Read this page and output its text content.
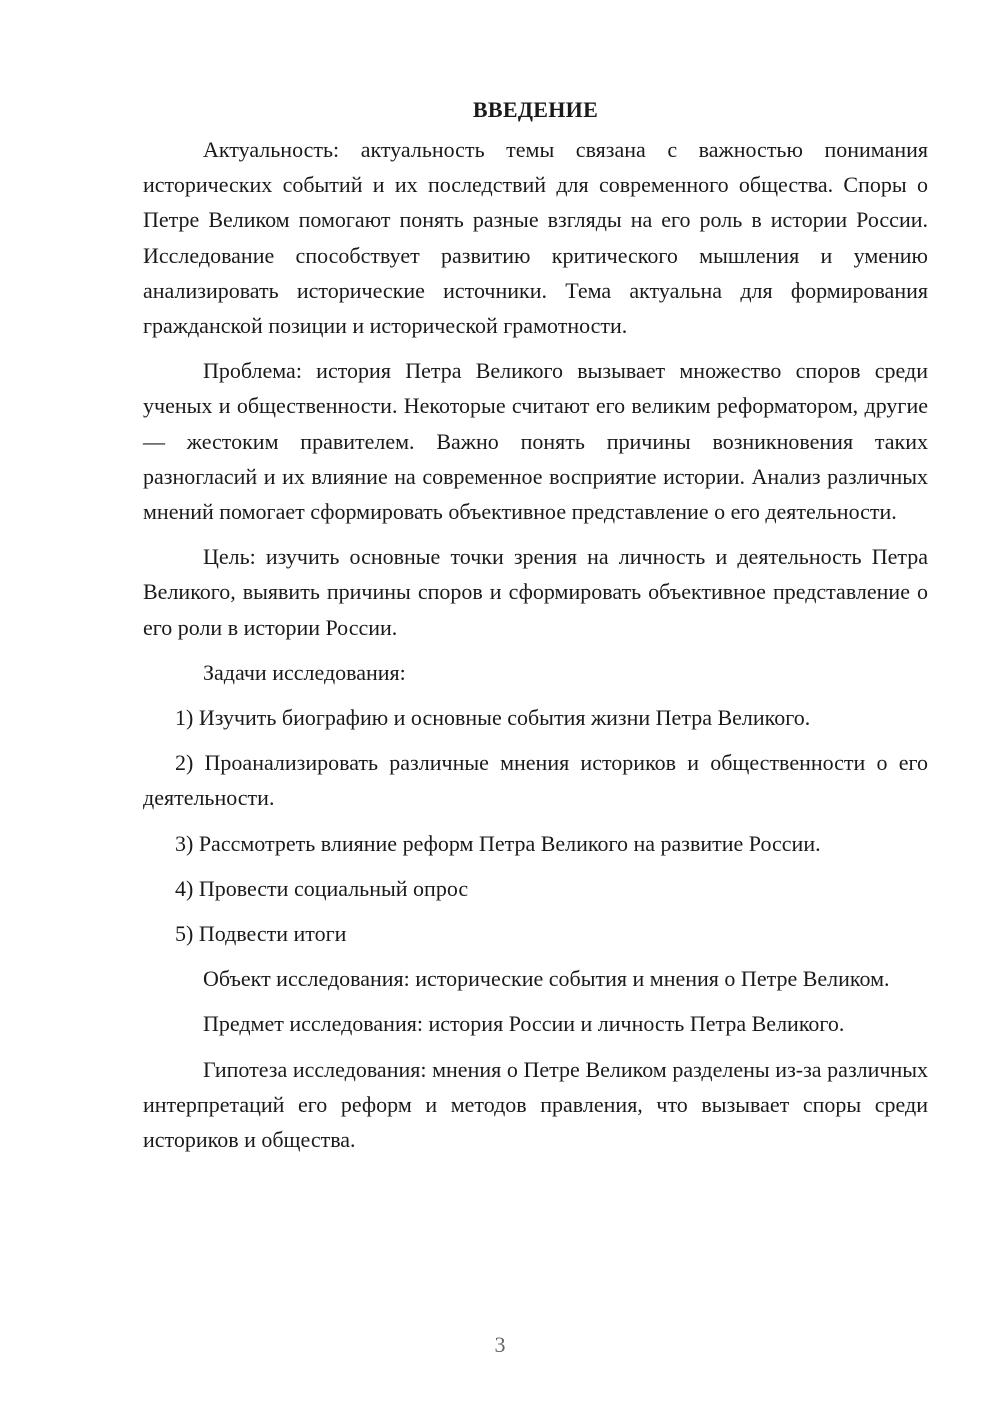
ВВЕДЕНИЕ

Актуальность: актуальность темы связана с важностью понимания исторических событий и их последствий для современного общества. Споры о Петре Великом помогают понять разные взгляды на его роль в истории России. Исследование способствует развитию критического мышления и умению анализировать исторические источники. Тема актуальна для формирования гражданской позиции и исторической грамотности.

Проблема: история Петра Великого вызывает множество споров среди ученых и общественности. Некоторые считают его великим реформатором, другие — жестоким правителем. Важно понять причины возникновения таких разногласий и их влияние на современное восприятие истории. Анализ различных мнений помогает сформировать объективное представление о его деятельности.

Цель: изучить основные точки зрения на личность и деятельность Петра Великого, выявить причины споров и сформировать объективное представление о его роли в истории России.

Задачи исследования:

1) Изучить биографию и основные события жизни Петра Великого.

2) Проанализировать различные мнения историков и общественности о его деятельности.

3) Рассмотреть влияние реформ Петра Великого на развитие России.

4) Провести социальный опрос

5) Подвести итоги

Объект исследования: исторические события и мнения о Петре Великом.

Предмет исследования: история России и личность Петра Великого.

Гипотеза исследования: мнения о Петре Великом разделены из-за различных интерпретаций его реформ и методов правления, что вызывает споры среди историков и общества.

3
